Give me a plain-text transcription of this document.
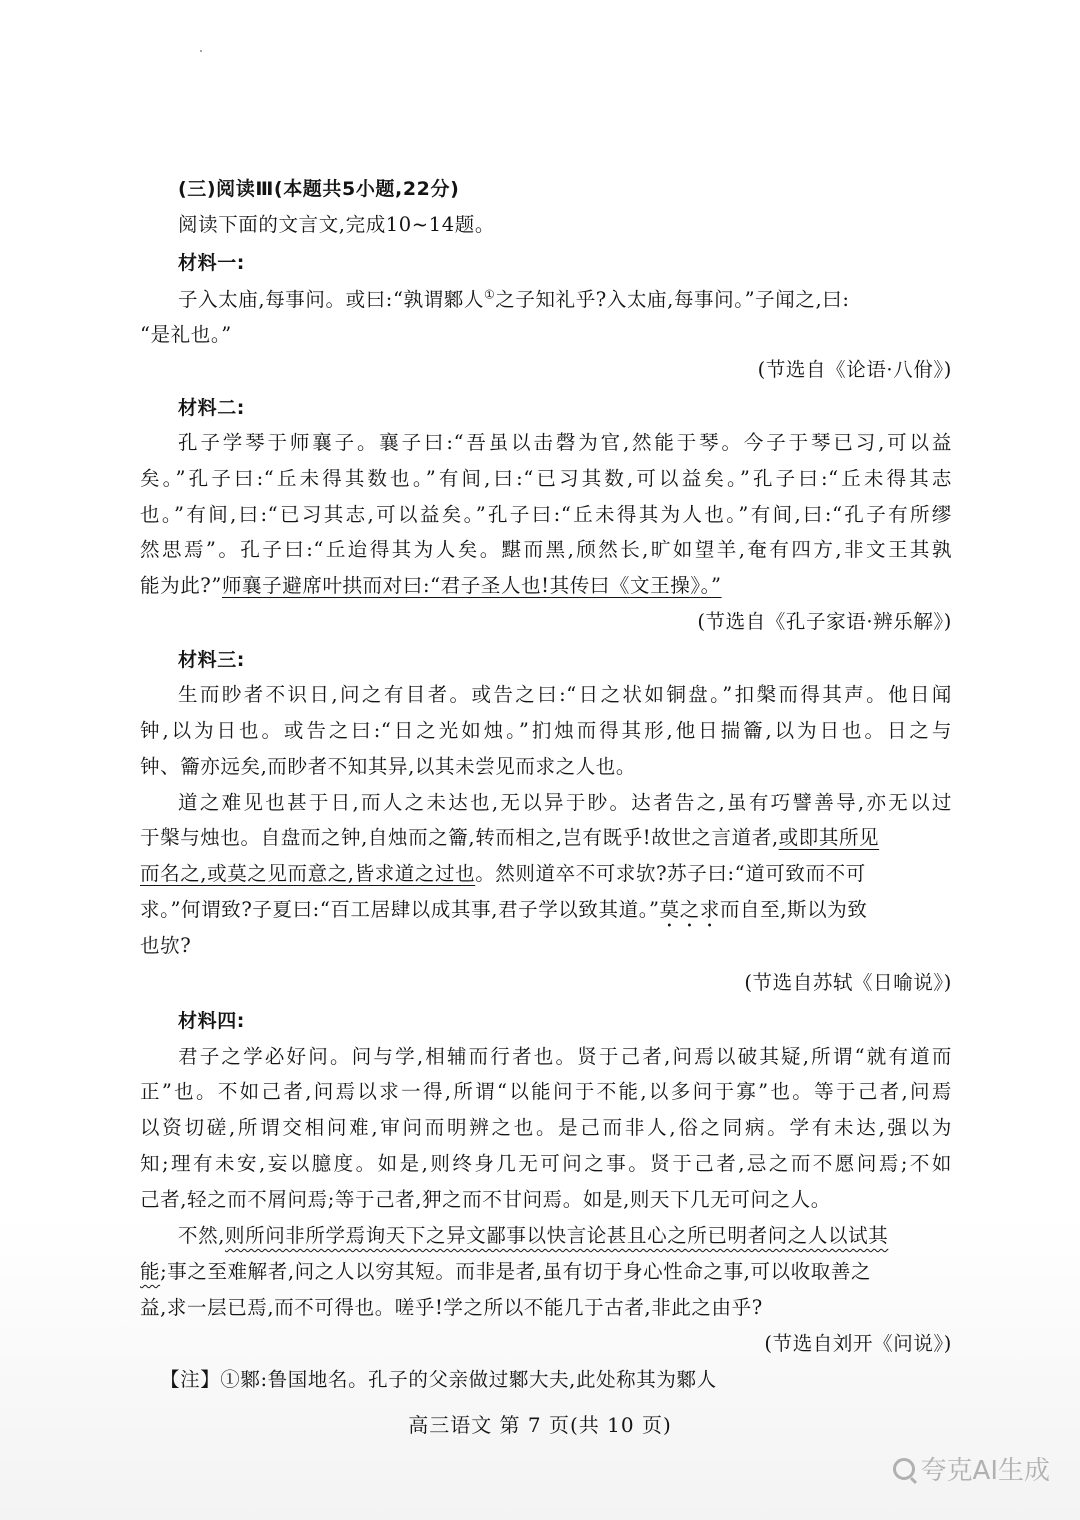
(三)阅读Ⅲ(本题共5小题,22分)
阅读下面的文言文,完成10~14题。
材料一:
子入太庙,每事问。或曰:“孰谓鄹人①之子知礼乎?入太庙,每事问。”子闻之,曰:
“是礼也。”
(节选自《论语·八佾》)
材料二:
孔子学琴于师襄子。襄子曰:“吾虽以击磬为官,然能于琴。今子于琴已习,可以益
矣。”孔子曰:“丘未得其数也。”有间,曰:“已习其数,可以益矣。”孔子曰:“丘未得其志
也。”有间,曰:“已习其志,可以益矣。”孔子曰:“丘未得其为人也。”有间,曰:“孔子有所缪
然思焉”。孔子曰:“丘迨得其为人矣。黮而黑,颀然长,旷如望羊,奄有四方,非文王其孰
能为此?”师襄子避席叶拱而对曰:“君子圣人也!其传曰《文王操》。”
(节选自《孔子家语·辨乐解》)
材料三:
生而眇者不识日,问之有目者。或告之曰:“日之状如铜盘。”扣槃而得其声。他日闻
钟,以为日也。或告之曰:“日之光如烛。”扪烛而得其形,他日揣籥,以为日也。日之与
钟、籥亦远矣,而眇者不知其异,以其未尝见而求之人也。
道之难见也甚于日,而人之未达也,无以异于眇。达者告之,虽有巧譬善导,亦无以过
于槃与烛也。自盘而之钟,自烛而之籥,转而相之,岂有既乎!故世之言道者,或即其所见
而名之,或莫之见而意之,皆求道之过也。然则道卒不可求欤?苏子曰:“道可致而不可
求。”何谓致?子夏曰:“百工居肆以成其事,君子学以致其道。”莫之求而自至,斯以为致
也欤?
(节选自苏轼《日喻说》)
材料四:
君子之学必好问。问与学,相辅而行者也。贤于己者,问焉以破其疑,所谓“就有道而
正”也。不如己者,问焉以求一得,所谓“以能问于不能,以多问于寡”也。等于己者,问焉
以资切磋,所谓交相问难,审问而明辨之也。是己而非人,俗之同病。学有未达,强以为
知;理有未安,妄以臆度。如是,则终身几无可问之事。贤于己者,忌之而不愿问焉;不如
己者,轻之而不屑问焉;等于己者,狎之而不甘问焉。如是,则天下几无可问之人。
不然,则所问非所学焉询天下之异文鄙事以快言论甚且心之所已明者问之人以试其
能;事之至难解者,问之人以穷其短。而非是者,虽有切于身心性命之事,可以收取善之
益,求一层已焉,而不可得也。嗟乎!学之所以不能几于古者,非此之由乎?
(节选自刘开《问说》)
【注】①鄹:鲁国地名。孔子的父亲做过鄹大夫,此处称其为鄹人
高三语文 第 7 页(共 10 页)
夸克AI生成
